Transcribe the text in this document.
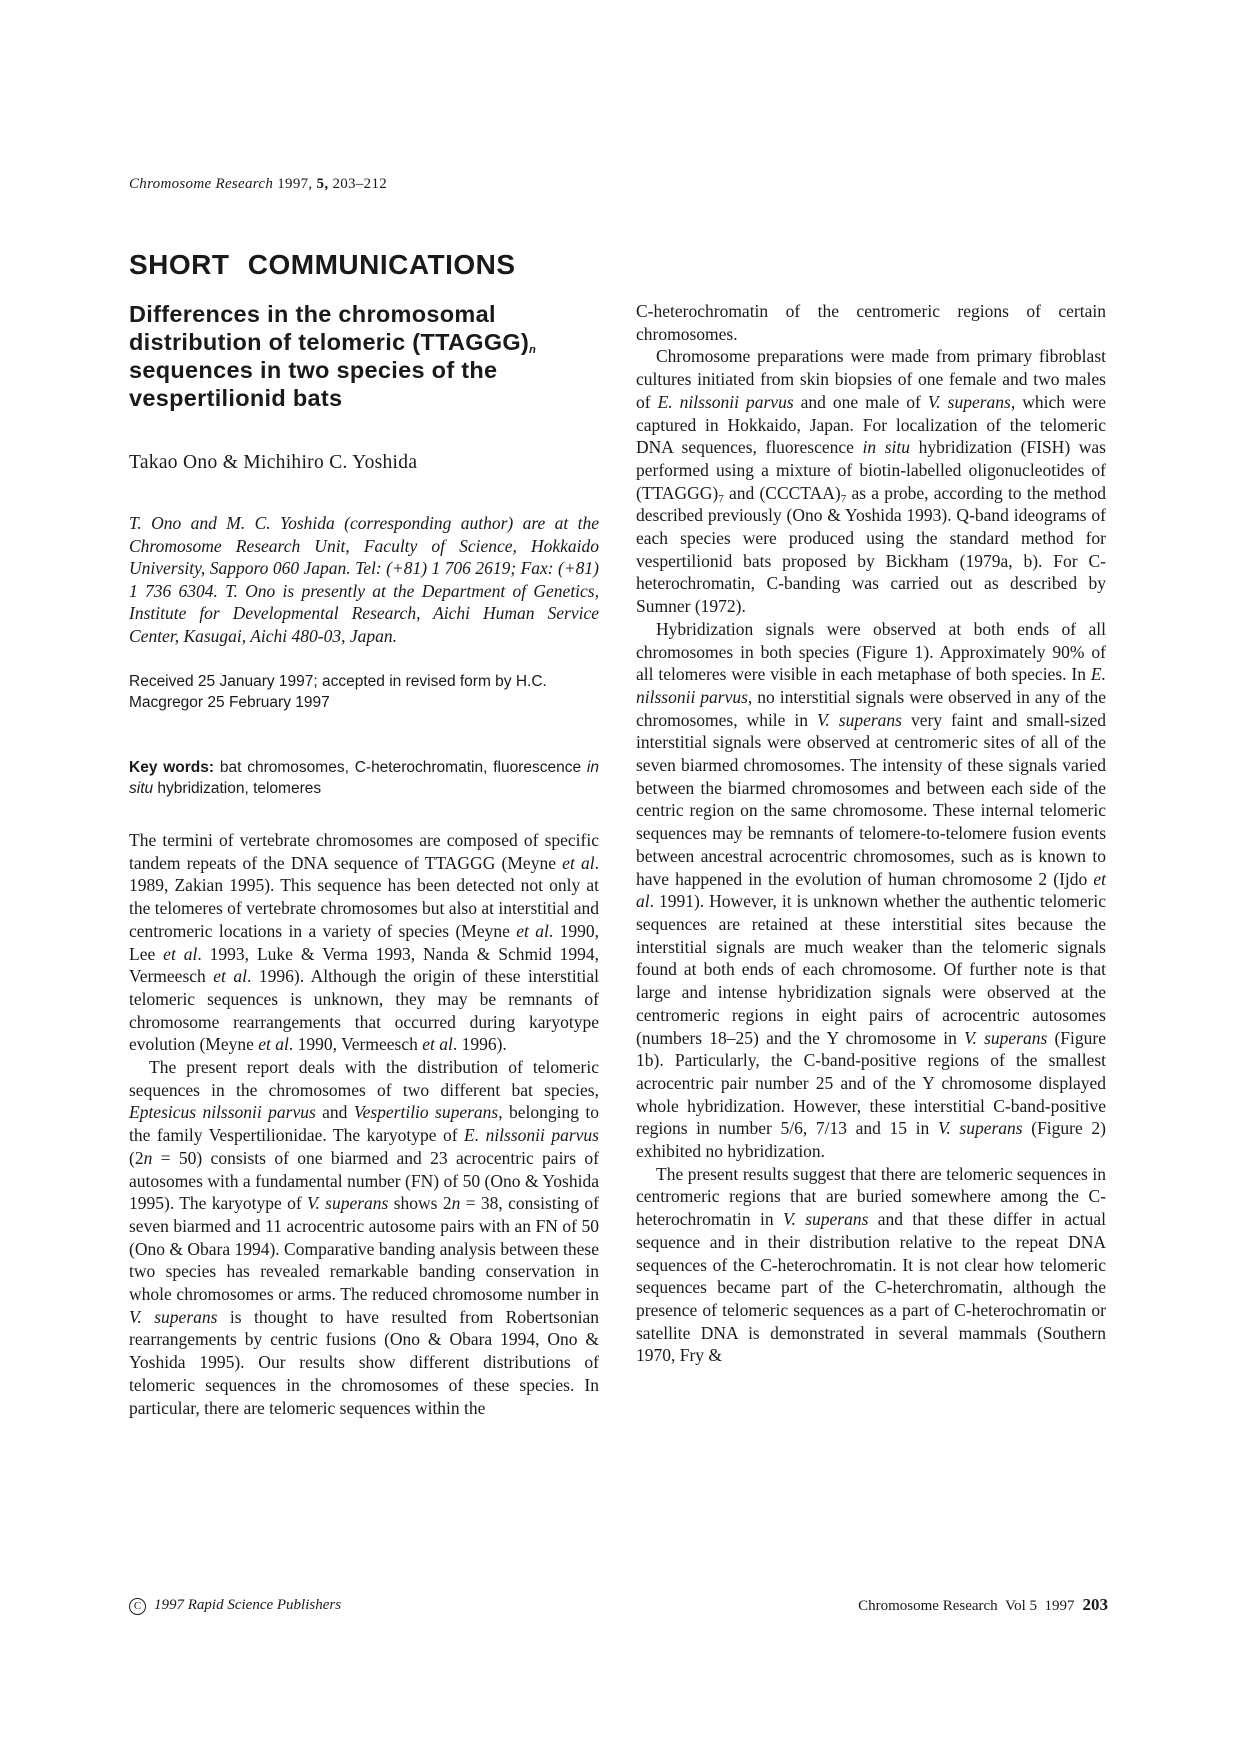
Chromosome Research 1997, 5, 203–212
SHORT COMMUNICATIONS
Differences in the chromosomal distribution of telomeric $(TTAGGG)_n$ sequences in two species of the vespertilionid bats
Takao Ono & Michihiro C. Yoshida
T. Ono and M. C. Yoshida (corresponding author) are at the Chromosome Research Unit, Faculty of Science, Hokkaido University, Sapporo 060 Japan. Tel: (+81) 1 706 2619; Fax: (+81) 1 736 6304. T. Ono is presently at the Department of Genetics, Institute for Developmental Research, Aichi Human Service Center, Kasugai, Aichi 480-03, Japan.
Received 25 January 1997; accepted in revised form by H.C. Macgregor 25 February 1997
Key words: bat chromosomes, C-heterochromatin, fluorescence in situ hybridization, telomeres

The termini of vertebrate chromosomes are composed of specific tandem repeats of the DNA sequence of TTAGGG (Meyne et al. 1989, Zakian 1995). This sequence has been detected not only at the telomeres of vertebrate chromosomes but also at interstitial and centromeric locations in a variety of species (Meyne et al. 1990, Lee et al. 1993, Luke & Verma 1993, Nanda & Schmid 1994, Vermeesch et al. 1996). Although the origin of these interstitial telomeric sequences is unknown, they may be remnants of chromosome rearrangements that occurred during karyotype evolution (Meyne et al. 1990, Vermeesch et al. 1996).

The present report deals with the distribution of telomeric sequences in the chromosomes of two different bat species, Eptesicus nilssonii parvus and Vespertilio superans, belonging to the family Vespertilionidae. The karyotype of E. nilssonii parvus (2n = 50) consists of one biarmed and 23 acrocentric pairs of autosomes with a fundamental number (FN) of 50 (Ono & Yoshida 1995). The karyotype of V. superans shows 2n = 38, consisting of seven biarmed and 11 acrocentric autosome pairs with an FN of 50 (Ono & Obara 1994). Comparative banding analysis between these two species has revealed remarkable banding conservation in whole chromosomes or arms. The reduced chromosome number in V. superans is thought to have resulted from Robertsonian rearrangements by centric fusions (Ono & Obara 1994, Ono & Yoshida 1995). Our results show different distributions of telomeric sequences in the chromosomes of these species. In particular, there are telomeric sequences within the

C-heterochromatin of the centromeric regions of certain chromosomes.

Chromosome preparations were made from primary fibroblast cultures initiated from skin biopsies of one female and two males of E. nilssonii parvus and one male of V. superans, which were captured in Hokkaido, Japan. For localization of the telomeric DNA sequences, fluorescence in situ hybridization (FISH) was performed using a mixture of biotin-labelled oligonucleotides of $(TTAGGG)_7$ and $(CCCTAA)_7$ as a probe, according to the method described previously (Ono & Yoshida 1993). Q-band ideograms of each species were produced using the standard method for vespertilionid bats proposed by Bickham (1979a, b). For C-heterochromatin, C-banding was carried out as described by Sumner (1972).

Hybridization signals were observed at both ends of all chromosomes in both species (Figure 1). Approximately 90% of all telomeres were visible in each metaphase of both species. In E. nilssonii parvus, no interstitial signals were observed in any of the chromosomes, while in V. superans very faint and small-sized interstitial signals were observed at centromeric sites of all of the seven biarmed chromosomes. The intensity of these signals varied between the biarmed chromosomes and between each side of the centric region on the same chromosome. These internal telomeric sequences may be remnants of telomere-to-telomere fusion events between ancestral acrocentric chromosomes, such as is known to have happened in the evolution of human chromosome 2 (Ijdo et al. 1991). However, it is unknown whether the authentic telomeric sequences are retained at these interstitial sites because the interstitial signals are much weaker than the telomeric signals found at both ends of each chromosome. Of further note is that large and intense hybridization signals were observed at the centromeric regions in eight pairs of acrocentric autosomes (numbers 18–25) and the Y chromosome in V. superans (Figure 1b). Particularly, the C-band-positive regions of the smallest acrocentric pair number 25 and of the Y chromosome displayed whole hybridization. However, these interstitial C-band-positive regions in number 5/6, 7/13 and 15 in V. superans (Figure 2) exhibited no hybridization.

The present results suggest that there are telomeric sequences in centromeric regions that are buried somewhere among the C-heterochromatin in V. superans and that these differ in actual sequence and in their distribution relative to the repeat DNA sequences of the C-heterochromatin. It is not clear how telomeric sequences became part of the C-heterchromatin, although the presence of telomeric sequences as a part of C-heterochromatin or satellite DNA is demonstrated in several mammals (Southern 1970, Fry &

C 1997 Rapid Science Publishers	Chromosome Research Vol 5 1997 203
